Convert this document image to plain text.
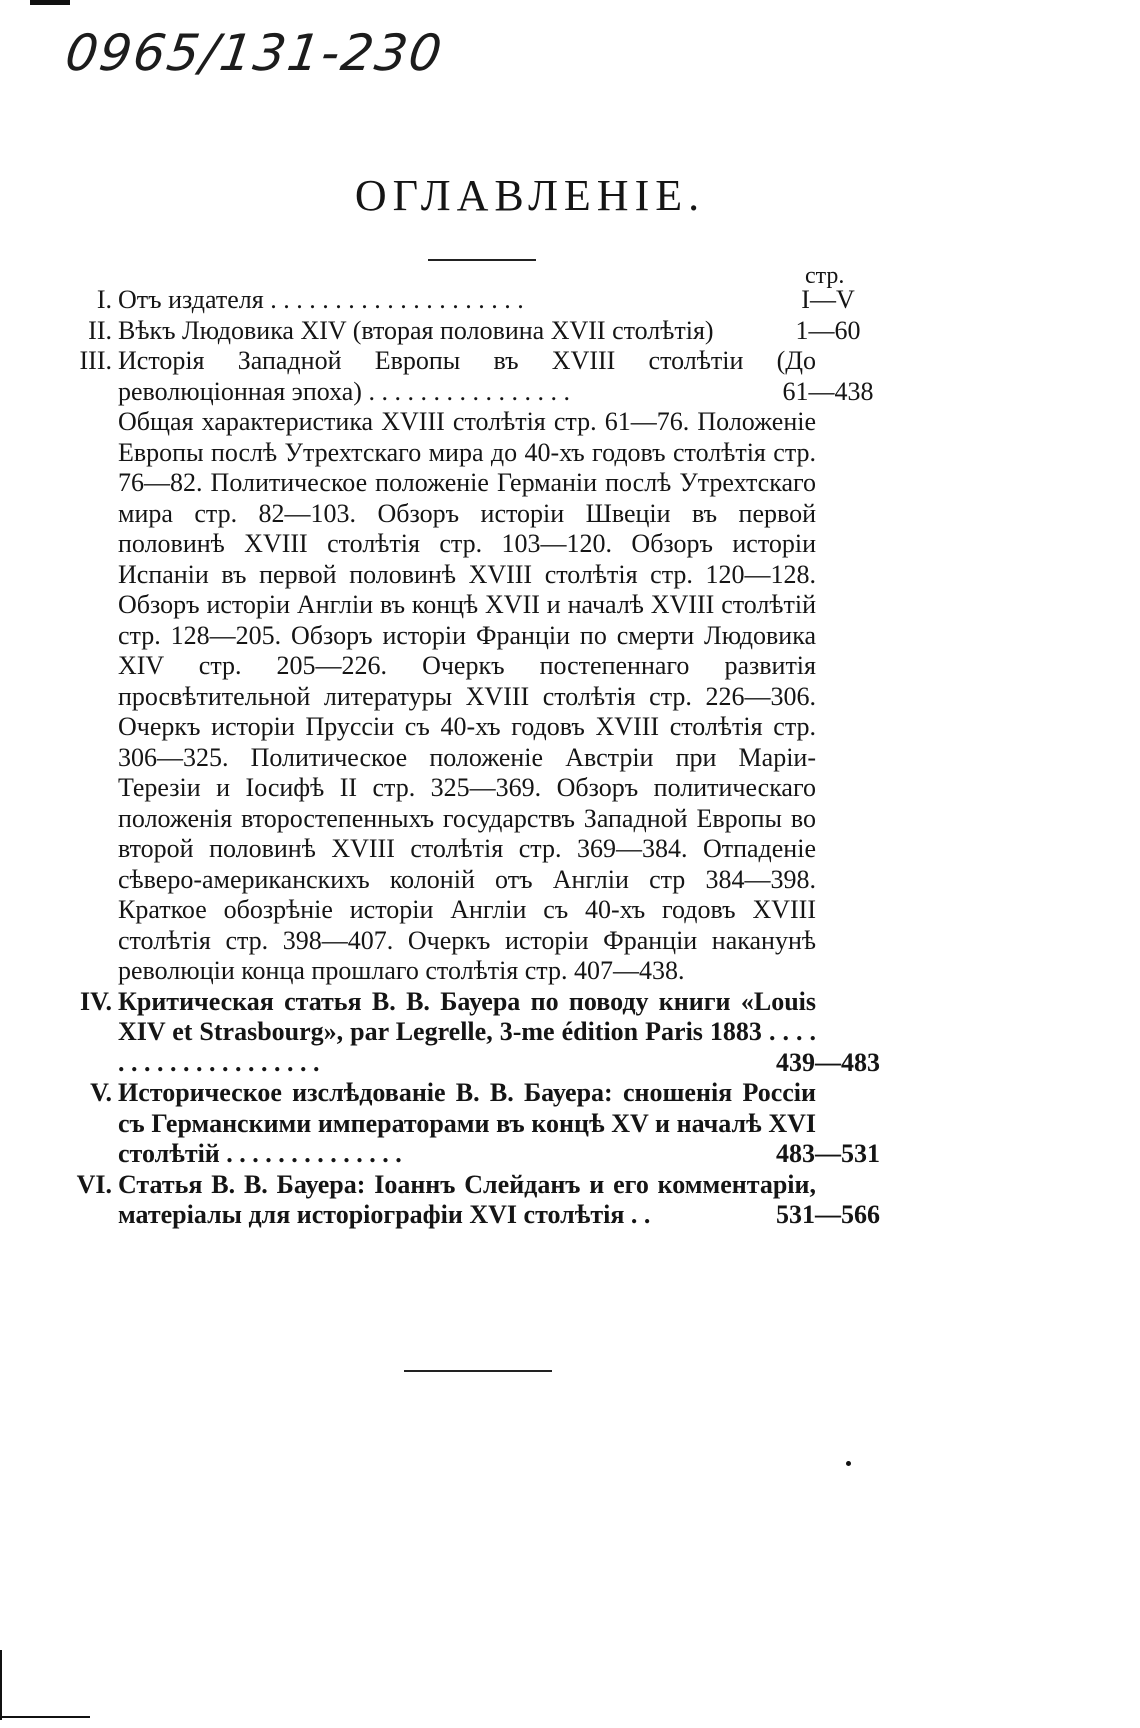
0965/131-230
ОГЛАВЛЕНІЕ.
стр.
I. Отъ издателя . . . . . . . . . . . . . . . . . . . .	I—V
II. Вѣкъ Людовика XIV (вторая половина XVII столѣтія)	1—60
III. Исторія Западной Европы въ XVIII столѣтіи (До революціонная эпоха) . . . . . . . . . . . . . . . .	61—438
Общая характеристика XVIII столѣтія стр. 61—76. Положеніе Европы послѣ Утрехтскаго мира до 40-хъ годовъ столѣтія стр. 76—82. Политическое положеніе Германіи послѣ Утрехтскаго мира стр. 82—103. Обзоръ исторіи Швеціи въ первой половинѣ XVIII столѣтія стр. 103—120. Обзоръ исторіи Испаніи въ первой половинѣ XVIII столѣтія стр. 120—128. Обзоръ исторіи Англіи въ концѣ XVII и началѣ XVIII столѣтій стр. 128—205. Обзоръ исторіи Франціи по смерти Людовика XIV стр. 205—226. Очеркъ постепеннаго развитія просвѣтительной литературы XVIII столѣтія стр. 226—306. Очеркъ исторіи Пруссіи съ 40-хъ годовъ XVIII столѣтія стр. 306—325. Политическое положеніе Австріи при Маріи-Терезіи и Іосифѣ II стр. 325—369. Обзоръ политическаго положенія второстепенныхъ государствъ Западной Европы во второй половинѣ XVIII столѣтія стр. 369—384. Отпаденіе сѣверо-американскихъ колоній отъ Англіи стр 384—398. Краткое обозрѣніе исторіи Англіи съ 40-хъ годовъ XVIII столѣтія стр. 398—407. Очеркъ исторіи Франціи наканунѣ революціи конца прошлаго столѣтія стр. 407—438.
IV. Критическая статья В. В. Бауера по поводу книги «Louis XIV et Strasbourg», par Legrelle, 3-me édition Paris 1883 . . . . . . . . . . . . . . . . . . . .	439—483
V. Историческое изслѣдованіе В. В. Бауера: сношенія Россіи съ Германскими императорами въ концѣ XV и началѣ XVI столѣтій . . . . . . . . . . . . . .	483—531
VI. Статья В. В. Бауера: Іоаннъ Слейданъ и его комментаріи, матеріалы для исторіографіи XVI столѣтія . .	531—566
